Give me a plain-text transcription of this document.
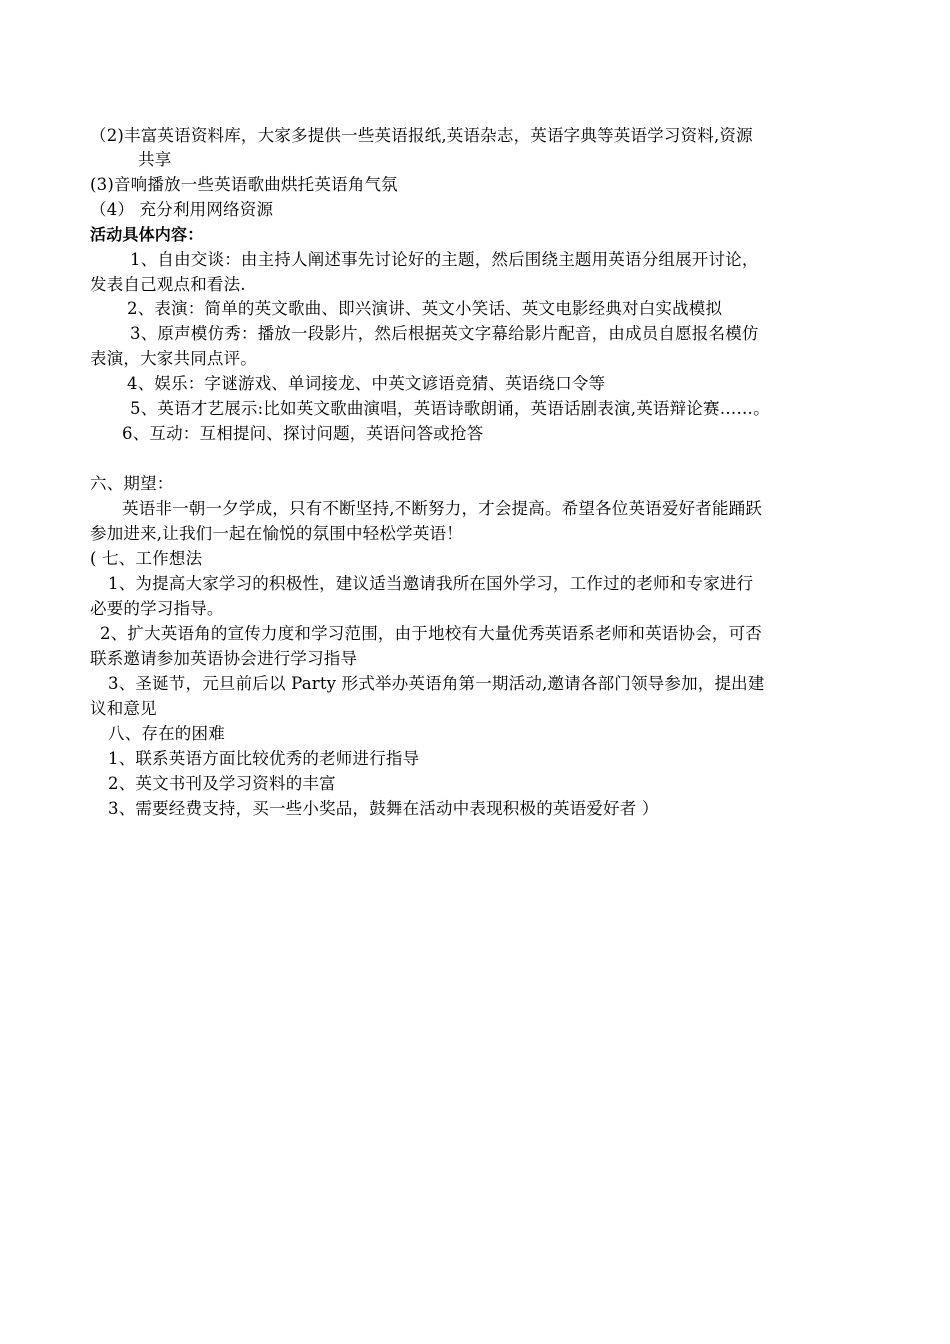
（2)丰富英语资料库，大家多提供一些英语报纸,英语杂志，英语字典等英语学习资料,资源
共享
(3)音响播放一些英语歌曲烘托英语角气氛
（4） 充分利用网络资源
活动具体内容：
1、自由交谈：由主持人阐述事先讨论好的主题，然后围绕主题用英语分组展开讨论，
发表自己观点和看法.
2、表演：简单的英文歌曲、即兴演讲、英文小笑话、英文电影经典对白实战模拟
3、原声模仿秀：播放一段影片，然后根据英文字幕给影片配音，由成员自愿报名模仿
表演，大家共同点评。
4、娱乐：字谜游戏、单词接龙、中英文谚语竞猜、英语绕口令等
5、英语才艺展示:比如英文歌曲演唱，英语诗歌朗诵，英语话剧表演,英语辩论赛……。
6、互动：互相提问、探讨问题，英语问答或抢答
六、期望：
英语非一朝一夕学成，只有不断坚持,不断努力，才会提高。希望各位英语爱好者能踊跃
参加进来,让我们一起在愉悦的氛围中轻松学英语！
( 七、工作想法
1、为提高大家学习的积极性，建议适当邀请我所在国外学习，工作过的老师和专家进行
必要的学习指导。
2、扩大英语角的宣传力度和学习范围，由于地校有大量优秀英语系老师和英语协会，可否
联系邀请参加英语协会进行学习指导
3、圣诞节，元旦前后以 Party 形式举办英语角第一期活动,邀请各部门领导参加，提出建
议和意见
八、存在的困难
1、联系英语方面比较优秀的老师进行指导
2、英文书刊及学习资料的丰富
3、需要经费支持，买一些小奖品，鼓舞在活动中表现积极的英语爱好者 ）
